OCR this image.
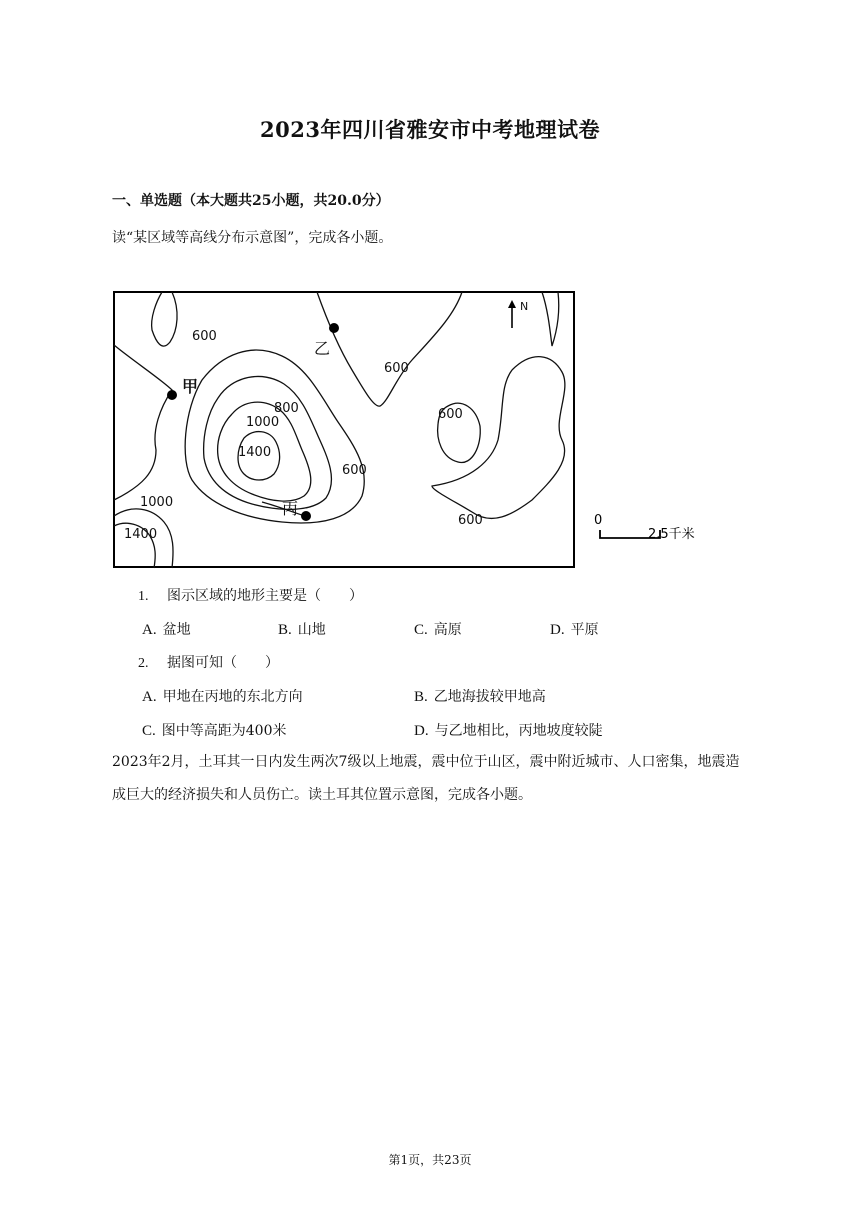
2023年四川省雅安市中考地理试卷
一、单选题（本大题共25小题，共20.0分）
读“某区域等高线分布示意图”，完成各小题。
甲
乙
丙
N
600
600
600
600
600
800
1000
1000
1400
1400
0
2.5千米
1. 图示区域的地形主要是（　　）
A. 盆地	B. 山地	C. 高原	D. 平原
2. 据图可知（　　）
A. 甲地在丙地的东北方向	B. 乙地海拔较甲地高
C. 图中等高距为400米	D. 与乙地相比，丙地坡度较陡
2023年2月，土耳其一日内发生两次7级以上地震，震中位于山区，震中附近城市、人口密集，地震造成巨大的经济损失和人员伤亡。读土耳其位置示意图，完成各小题。
第1页，共23页
